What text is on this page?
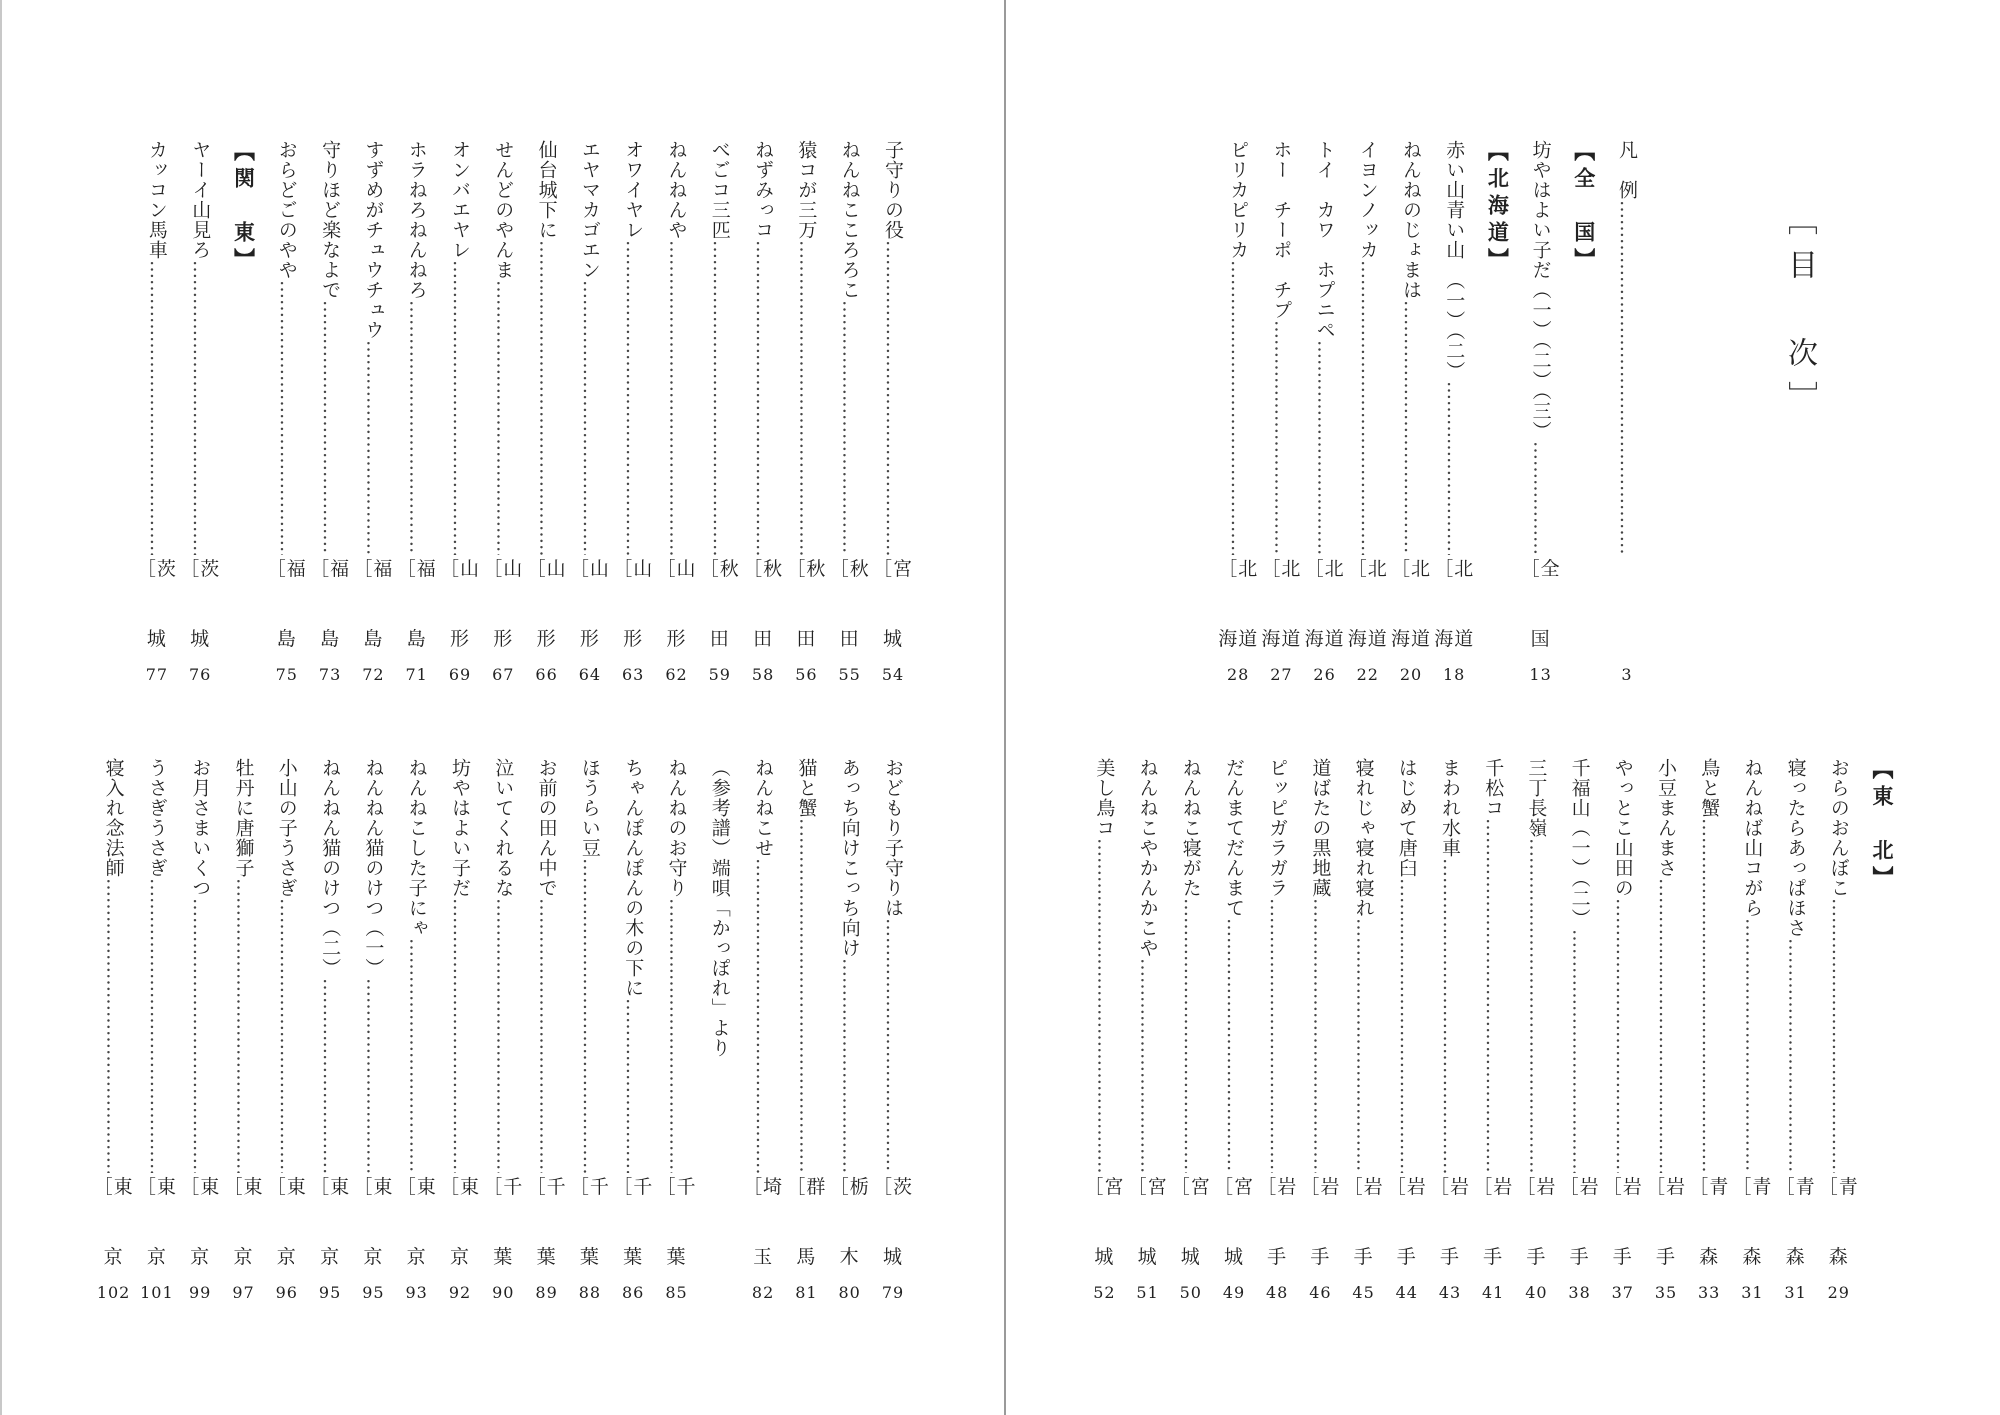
子守りの役 ……………………………………………………………………………………………………………………
［宮
城
54
ねんねこころろこ ……………………………………………………………………………………………………………………
［秋
田
55
猿コが三万 ……………………………………………………………………………………………………………………
［秋
田
56
ねずみっコ ……………………………………………………………………………………………………………………
［秋
田
58
べごコ三匹 ……………………………………………………………………………………………………………………
［秋
田
59
ねんねんや ……………………………………………………………………………………………………………………
［山
形
62
オワイヤレ ……………………………………………………………………………………………………………………
［山
形
63
エヤマカゴエン ……………………………………………………………………………………………………………………
［山
形
64
仙台城下に ……………………………………………………………………………………………………………………
［山
形
66
せんどのやんま ……………………………………………………………………………………………………………………
［山
形
67
オンバエヤレ ……………………………………………………………………………………………………………………
［山
形
69
ホラねろねんねろ ……………………………………………………………………………………………………………………
［福
島
71
すずめがチュウチュウ ……………………………………………………………………………………………………………………
［福
島
72
守りほど楽なよで ……………………………………………………………………………………………………………………
［福
島
73
おらどごのやや ……………………………………………………………………………………………………………………
［福
島
75
【関　東】
ヤーイ山見ろ ……………………………………………………………………………………………………………………
［茨
城
76
カッコン馬車 ……………………………………………………………………………………………………………………
［茨
城
77
おどもり子守りは ……………………………………………………………………………………………………………………
［茨
城
79
あっち向けこっち向け ……………………………………………………………………………………………………………………
［栃
木
80
猫と蟹 ……………………………………………………………………………………………………………………
［群
馬
81
ねんねこせ ……………………………………………………………………………………………………………………
［埼
玉
82
（参考譜）端唄「かっぽれ」より
ねんねのお守り ……………………………………………………………………………………………………………………
［千
葉
85
ちゃんぽんぽんの木の下に ……………………………………………………………………………………………………………………
［千
葉
86
ほうらい豆 ……………………………………………………………………………………………………………………
［千
葉
88
お前の田ん中で ……………………………………………………………………………………………………………………
［千
葉
89
泣いてくれるな ……………………………………………………………………………………………………………………
［千
葉
90
坊やはよい子だ ……………………………………………………………………………………………………………………
［東
京
92
ねんねこした子にゃ ……………………………………………………………………………………………………………………
［東
京
93
ねんねん猫のけつ（一） ……………………………………………………………………………………………………………………
［東
京
95
ねんねん猫のけつ（二） ……………………………………………………………………………………………………………………
［東
京
95
小山の子うさぎ ……………………………………………………………………………………………………………………
［東
京
96
牡丹に唐獅子 ……………………………………………………………………………………………………………………
［東
京
97
お月さまいくつ ……………………………………………………………………………………………………………………
［東
京
99
うさぎうさぎ ……………………………………………………………………………………………………………………
［東
京
101
寝入れ念法師 ……………………………………………………………………………………………………………………
［東
京
102
［目　次］
凡　例 ……………………………………………………………………………………………………………………
3
【全　国】
坊やはよい子だ（一）（二）（三） ……………………………………………………………………………………………………………………
［全
国
13
【北海道】
赤い山青い山　（一）（二） ……………………………………………………………………………………………………………………
［北
海道
18
ねんねのじょまは ……………………………………………………………………………………………………………………
［北
海道
20
イヨンノッカ ……………………………………………………………………………………………………………………
［北
海道
22
トイ　カワ　ホプニペ ……………………………………………………………………………………………………………………
［北
海道
26
ホー　チーポ　チプ ……………………………………………………………………………………………………………………
［北
海道
27
ピリカピリカ ……………………………………………………………………………………………………………………
［北
海道
28
【東　北】
おらのおんぼこ ……………………………………………………………………………………………………………………
［青
森
29
寝ったらあっぱほさ ……………………………………………………………………………………………………………………
［青
森
31
ねんねば山コがら ……………………………………………………………………………………………………………………
［青
森
31
鳥と蟹 ……………………………………………………………………………………………………………………
［青
森
33
小豆まんまさ ……………………………………………………………………………………………………………………
［岩
手
35
やっとこ山田の ……………………………………………………………………………………………………………………
［岩
手
37
千福山（一）（二） ……………………………………………………………………………………………………………………
［岩
手
38
三丁長嶺 ……………………………………………………………………………………………………………………
［岩
手
40
千松コ ……………………………………………………………………………………………………………………
［岩
手
41
まわれ水車 ……………………………………………………………………………………………………………………
［岩
手
43
はじめて唐臼 ……………………………………………………………………………………………………………………
［岩
手
44
寝れじゃ寝れ寝れ ……………………………………………………………………………………………………………………
［岩
手
45
道ばたの黒地蔵 ……………………………………………………………………………………………………………………
［岩
手
46
ピッピガラガラ ……………………………………………………………………………………………………………………
［岩
手
48
だんまてだんまて ……………………………………………………………………………………………………………………
［宮
城
49
ねんねこ寝がた ……………………………………………………………………………………………………………………
［宮
城
50
ねんねこやかんかこや ……………………………………………………………………………………………………………………
［宮
城
51
美し鳥コ ……………………………………………………………………………………………………………………
［宮
城
52
